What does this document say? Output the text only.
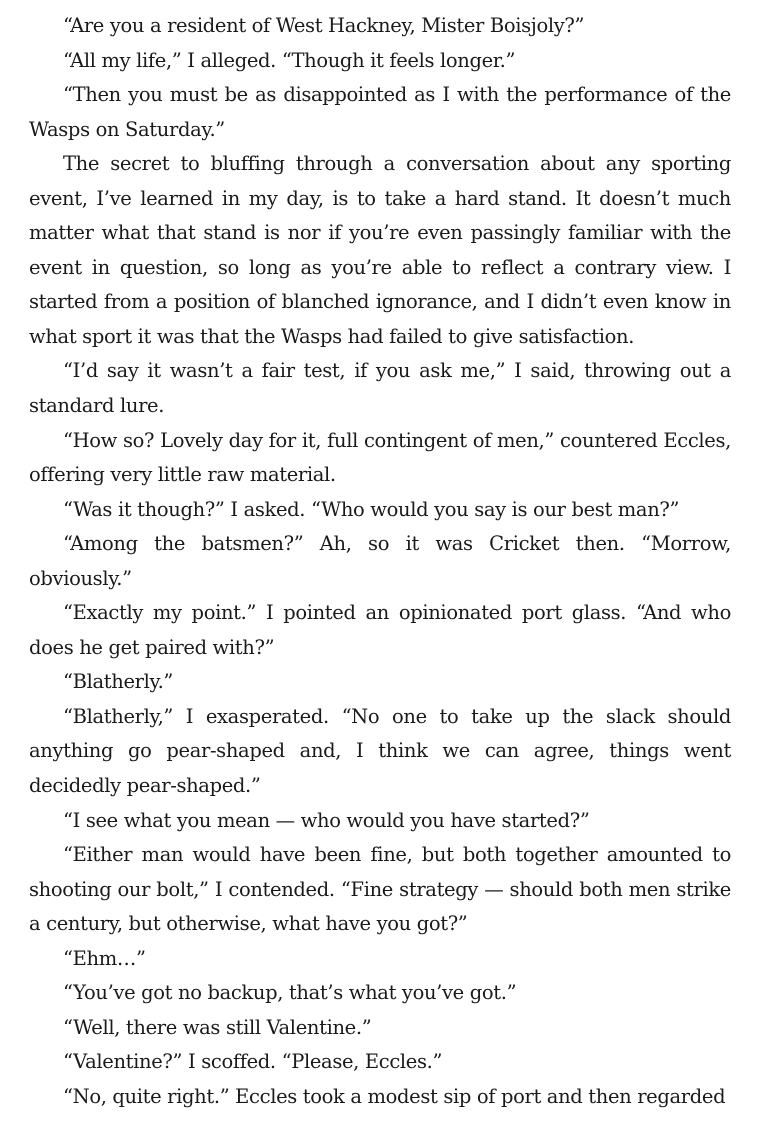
“Are you a resident of West Hackney, Mister Boisjoly?”

“All my life,” I alleged. “Though it feels longer.”

“Then you must be as disappointed as I with the performance of the Wasps on Saturday.”

The secret to bluffing through a conversation about any sporting event, I’ve learned in my day, is to take a hard stand. It doesn’t much matter what that stand is nor if you’re even passingly familiar with the event in question, so long as you’re able to reflect a contrary view. I started from a position of blanched ignorance, and I didn’t even know in what sport it was that the Wasps had failed to give satisfaction.

“I’d say it wasn’t a fair test, if you ask me,” I said, throwing out a standard lure.

“How so? Lovely day for it, full contingent of men,” countered Eccles, offering very little raw material.

“Was it though?” I asked. “Who would you say is our best man?”

“Among the batsmen?” Ah, so it was Cricket then. “Morrow, obviously.”

“Exactly my point.” I pointed an opinionated port glass. “And who does he get paired with?”

“Blatherly.”

“Blatherly,” I exasperated. “No one to take up the slack should anything go pear-shaped and, I think we can agree, things went decidedly pear-shaped.”

“I see what you mean — who would you have started?”

“Either man would have been fine, but both together amounted to shooting our bolt,” I contended. “Fine strategy — should both men strike a century, but otherwise, what have you got?”

“Ehm…”

“You’ve got no backup, that’s what you’ve got.”

“Well, there was still Valentine.”

“Valentine?” I scoffed. “Please, Eccles.”

“No, quite right.” Eccles took a modest sip of port and then regarded
